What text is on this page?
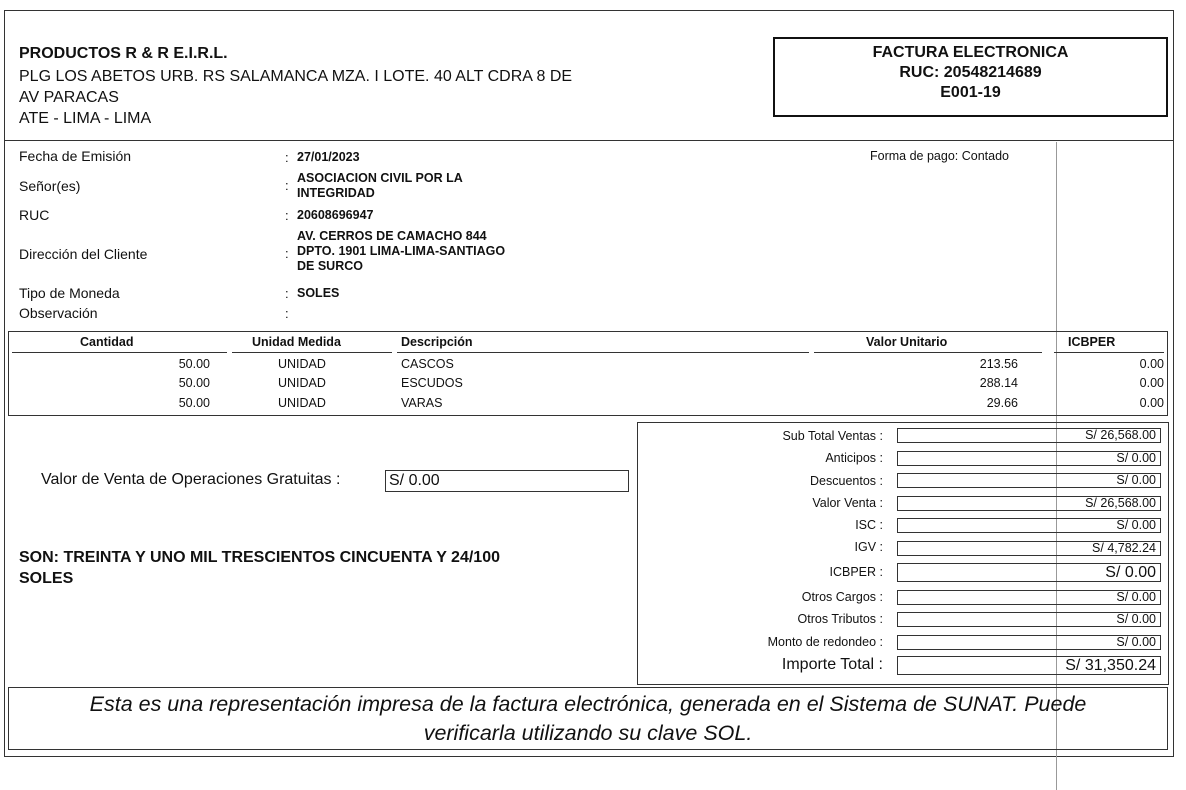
PRODUCTOS R & R E.I.R.L.
PLG LOS ABETOS URB. RS SALAMANCA MZA. I LOTE. 40 ALT CDRA 8 DE
AV PARACAS
ATE - LIMA - LIMA
FACTURA ELECTRONICA
RUC: 20548214689
E001-19
Fecha de Emisión	: 27/01/2023	Forma de pago: Contado
Señor(es)	: ASOCIACION CIVIL POR LA
INTEGRIDAD
RUC	: 20608696947
Dirección del Cliente	:
AV. CERROS DE CAMACHO 844
DPTO. 1901 LIMA-LIMA-SANTIAGO
DE SURCO
Tipo de Moneda	: SOLES
Observación	:
Cantidad	Unidad Medida	Descripción	Valor Unitario	ICBPER
50.00	UNIDAD	CASCOS	213.56	0.00
50.00	UNIDAD	ESCUDOS	288.14	0.00
50.00	UNIDAD	VARAS	29.66	0.00
Valor de Venta de Operaciones Gratuitas :	S/ 0.00
SON: TREINTA Y UNO MIL TRESCIENTOS CINCUENTA Y 24/100
SOLES
Sub Total Ventas :	S/ 26,568.00
Anticipos :	S/ 0.00
Descuentos :	S/ 0.00
Valor Venta :	S/ 26,568.00
ISC :	S/ 0.00
IGV :	S/ 4,782.24
ICBPER :	S/ 0.00
Otros Cargos :	S/ 0.00
Otros Tributos :	S/ 0.00
Monto de redondeo :	S/ 0.00
Importe Total :	S/ 31,350.24
Esta es una representación impresa de la factura electrónica, generada en el Sistema de SUNAT. Puede
verificarla utilizando su clave SOL.
